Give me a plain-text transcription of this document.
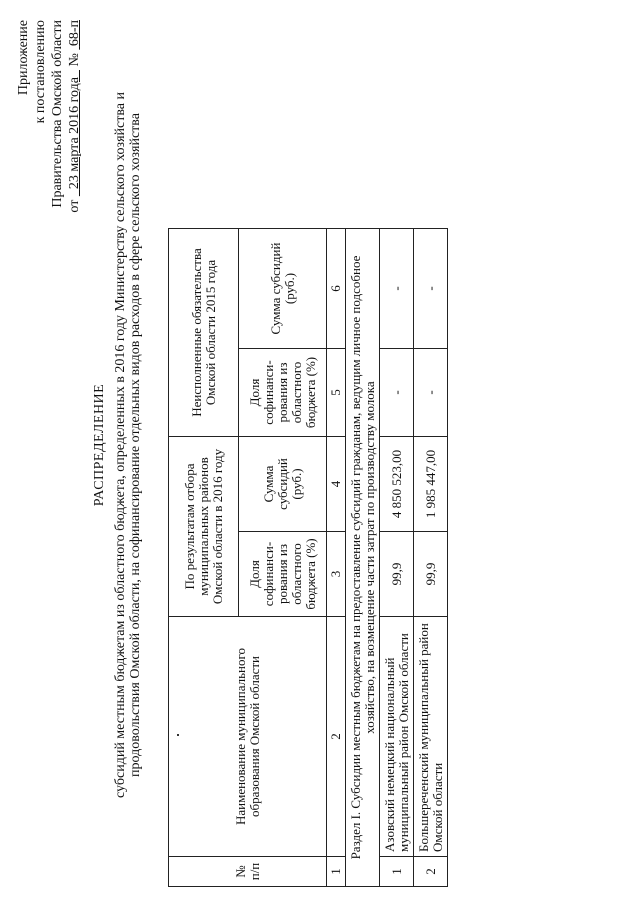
Приложение к постановлению Правительства Омской области от   23 марта 2016 года   №  68-п
РАСПРЕДЕЛЕНИЕ субсидий местным бюджетам из областного бюджета, определенных в 2016 году Министерству сельского хозяйства и продовольствия Омской области, на софинансирование отдельных видов расходов в сфере сельского хозяйства
№ п/п	Наименование муниципального образования Омской области	По результатам отбора муниципальных районов Омской области в 2016 году		Неисполненные обязательства Омской области 2015 года	
		Доля софинанси-рования из областного бюджета (%)	Сумма субсидий (руб.)	Доля софинанси-рования из областного бюджета (%)	Сумма субсидий (руб.)
1	2	3	4	5	6
Раздел I. Субсидии местным бюджетам на предоставление субсидий гражданам, ведущим личное подсобное хозяйство, на возмещение части затрат по производству молока					
1	Азовский немецкий национальный муниципальный район Омской области	99,9	4 850 523,00	-	-
2	Большереченский муниципальный район Омской области	99,9	1 985 447,00	-	-
